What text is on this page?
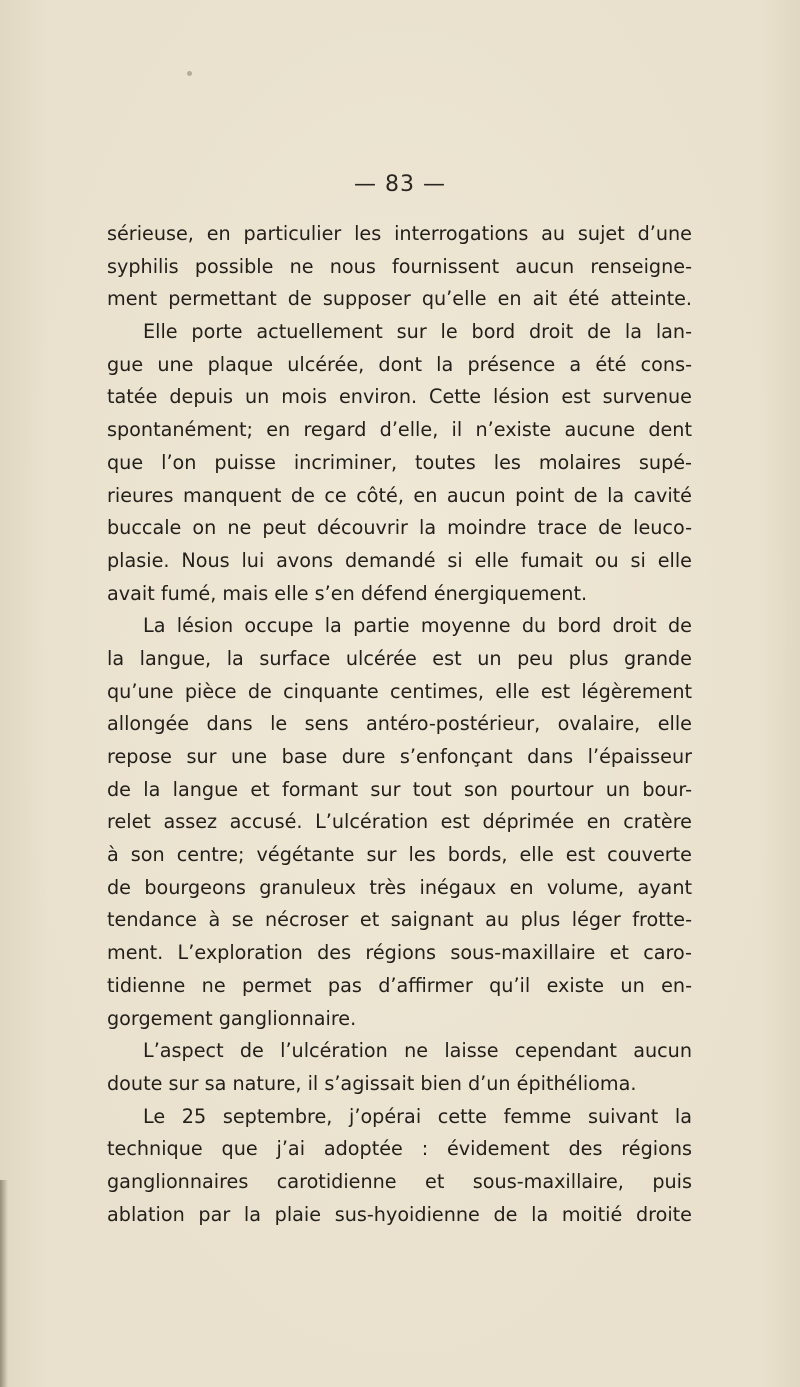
— 83 —
sérieuse, en particulier les interrogations au sujet d’une
syphilis possible ne nous fournissent aucun renseigne-
ment permettant de supposer qu’elle en ait été atteinte.
Elle porte actuellement sur le bord droit de la lan-
gue une plaque ulcérée, dont la présence a été cons-
tatée depuis un mois environ. Cette lésion est survenue
spontanément; en regard d’elle, il n’existe aucune dent
que l’on puisse incriminer, toutes les molaires supé-
rieures manquent de ce côté, en aucun point de la cavité
buccale on ne peut découvrir la moindre trace de leuco-
plasie. Nous lui avons demandé si elle fumait ou si elle
avait fumé, mais elle s’en défend énergiquement.
La lésion occupe la partie moyenne du bord droit de
la langue, la surface ulcérée est un peu plus grande
qu’une pièce de cinquante centimes, elle est légèrement
allongée dans le sens antéro-postérieur, ovalaire, elle
repose sur une base dure s’enfonçant dans l’épaisseur
de la langue et formant sur tout son pourtour un bour-
relet assez accusé. L’ulcération est déprimée en cratère
à son centre; végétante sur les bords, elle est couverte
de bourgeons granuleux très inégaux en volume, ayant
tendance à se nécroser et saignant au plus léger frotte-
ment. L’exploration des régions sous-maxillaire et caro-
tidienne ne permet pas d’affirmer qu’il existe un en-
gorgement ganglionnaire.
L’aspect de l’ulcération ne laisse cependant aucun
doute sur sa nature, il s’agissait bien d’un épithélioma.
Le 25 septembre, j’opérai cette femme suivant la
technique que j’ai adoptée : évidement des régions
ganglionnaires carotidienne et sous-maxillaire, puis
ablation par la plaie sus-hyoidienne de la moitié droite
